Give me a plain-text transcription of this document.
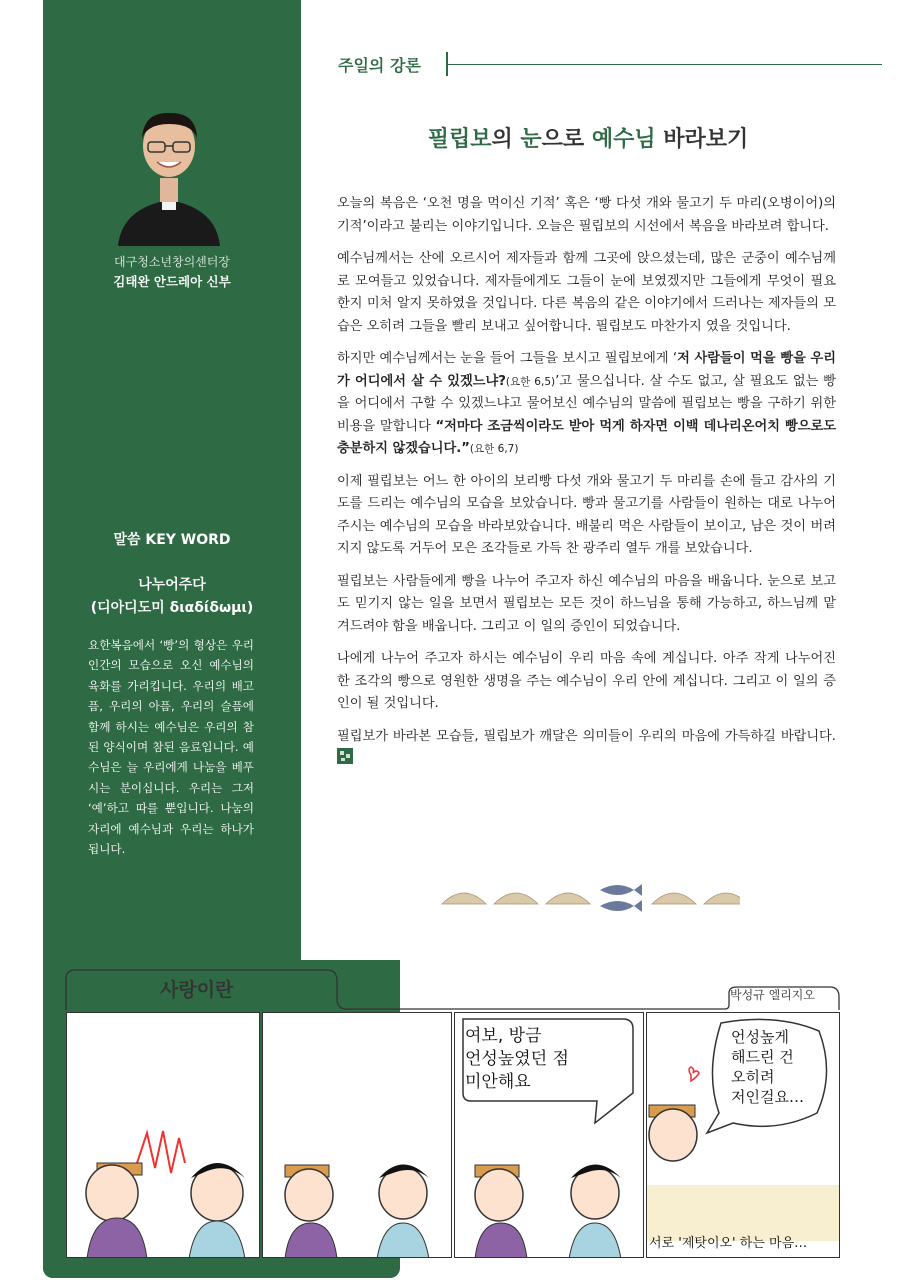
대구청소년창의센터장
김태완 안드레아 신부
말씀 KEY WORD
나누어주다
(디아디도미 διαδίδωμι)
요한복음에서 ‘빵’의 형상은 우리 인간의 모습으로 오신 예수님의 육화를 가리킵니다. 우리의 배고픔, 우리의 아픔, 우리의 슬픔에 함께 하시는 예수님은 우리의 참된 양식이며 참된 음료입니다. 예수님은 늘 우리에게 나눔을 베푸시는 분이십니다. 우리는 그저 ‘예’하고 따를 뿐입니다. 나눔의 자리에 예수님과 우리는 하나가 됩니다.
주일의 강론
필립보의 눈으로 예수님 바라보기

오늘의 복음은 ‘오천 명을 먹이신 기적’ 혹은 ‘빵 다섯 개와 물고기 두 마리(오병이어)의 기적’이라고 불리는 이야기입니다. 오늘은 필립보의 시선에서 복음을 바라보려 합니다.

예수님께서는 산에 오르시어 제자들과 함께 그곳에 앉으셨는데, 많은 군중이 예수님께로 모여들고 있었습니다. 제자들에게도 그들이 눈에 보였겠지만 그들에게 무엇이 필요한지 미처 알지 못하였을 것입니다. 다른 복음의 같은 이야기에서 드러나는 제자들의 모습은 오히려 그들을 빨리 보내고 싶어합니다. 필립보도 마찬가지 였을 것입니다.

하지만 예수님께서는 눈을 들어 그들을 보시고 필립보에게 ‘저 사람들이 먹을 빵을 우리가 어디에서 살 수 있겠느냐?(요한 6,5)’고 물으십니다. 살 수도 없고, 살 필요도 없는 빵을 어디에서 구할 수 있겠느냐고 물어보신 예수님의 말씀에 필립보는 빵을 구하기 위한 비용을 말합니다 “저마다 조금씩이라도 받아 먹게 하자면 이백 데나리온어치 빵으로도 충분하지 않겠습니다.”(요한 6,7)

이제 필립보는 어느 한 아이의 보리빵 다섯 개와 물고기 두 마리를 손에 들고 감사의 기도를 드리는 예수님의 모습을 보았습니다. 빵과 물고기를 사람들이 원하는 대로 나누어 주시는 예수님의 모습을 바라보았습니다. 배불리 먹은 사람들이 보이고, 남은 것이 버려지지 않도록 거두어 모은 조각들로 가득 찬 광주리 열두 개를 보았습니다.

필립보는 사람들에게 빵을 나누어 주고자 하신 예수님의 마음을 배웁니다. 눈으로 보고도 믿기지 않는 일을 보면서 필립보는 모든 것이 하느님을 통해 가능하고, 하느님께 맡겨드려야 함을 배웁니다. 그리고 이 일의 증인이 되었습니다.

나에게 나누어 주고자 하시는 예수님이 우리 마음 속에 계십니다. 아주 작게 나누어진 한 조각의 빵으로 영원한 생명을 주는 예수님이 우리 안에 계십니다. 그리고 이 일의 증인이 될 것입니다.

필립보가 바라본 모습들, 필립보가 깨달은 의미들이 우리의 마음에 가득하길 바랍니다.

사랑이란	박성규 엘리지오
여보, 방금
언성높였던 점
미안해요
언성높게
해드린 건
오히려
저인걸요…
서로 '제탓이오' 하는 마음…
